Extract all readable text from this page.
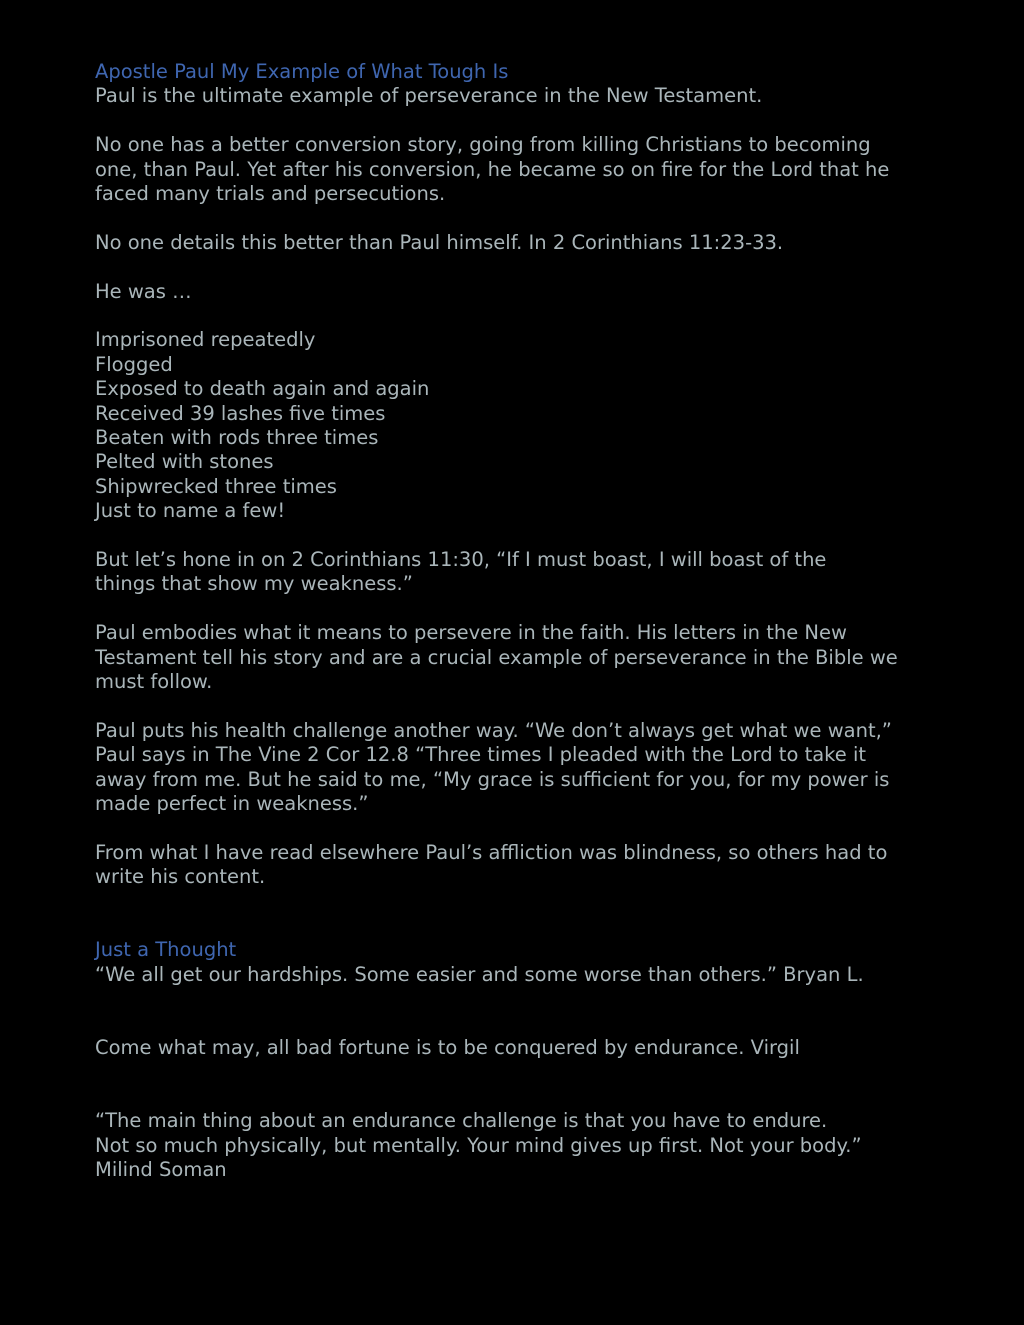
Apostle Paul My Example of What Tough Is
Paul is the ultimate example of perseverance in the New Testament.
No one has a better conversion story, going from killing Christians to becoming
one, than Paul. Yet after his conversion, he became so on fire for the Lord that he
faced many trials and persecutions.
No one details this better than Paul himself. In 2 Corinthians 11:23-33.
He was …
Imprisoned repeatedly
Flogged
Exposed to death again and again
Received 39 lashes five times
Beaten with rods three times
Pelted with stones
Shipwrecked three times
Just to name a few!
But let’s hone in on 2 Corinthians 11:30, “If I must boast, I will boast of the
things that show my weakness.”
Paul embodies what it means to persevere in the faith. His letters in the New
Testament tell his story and are a crucial example of perseverance in the Bible we
must follow.
Paul puts his health challenge another way. “We don’t always get what we want,”
Paul says in The Vine 2 Cor 12.8 “Three times I pleaded with the Lord to take it
away from me. But he said to me, “My grace is sufficient for you, for my power is
made perfect in weakness.”
From what I have read elsewhere Paul’s affliction was blindness, so others had to
write his content.
Just a Thought
“We all get our hardships. Some easier and some worse than others.” Bryan L.
Come what may, all bad fortune is to be conquered by endurance. Virgil
“The main thing about an endurance challenge is that you have to endure.
Not so much physically, but mentally. Your mind gives up first. Not your body.”
Milind Soman
